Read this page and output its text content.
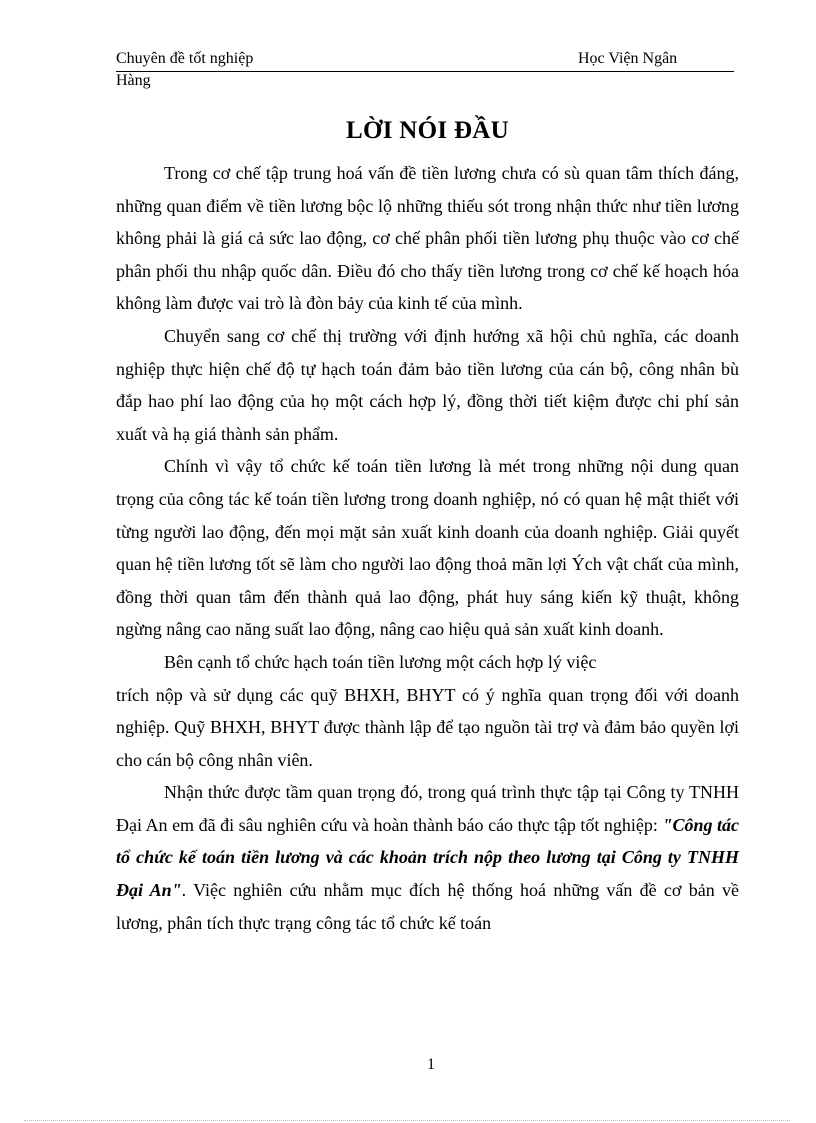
Chuyên đề tốt nghiệp	Học Viện Ngân
Hàng
LỜI NÓI ĐẦU

Trong cơ chế tập trung hoá vấn đề tiền lương chưa có sù quan tâm thích đáng, những quan điểm về tiền lương bộc lộ những thiếu sót trong nhận thức như tiền lương không phải là giá cả sức lao động, cơ chế phân phối tiền lương phụ thuộc vào cơ chế phân phối thu nhập quốc dân. Điều đó cho thấy tiền lương trong cơ chế kế hoạch hóa không làm được vai trò là đòn bảy của kinh tế của mình.

Chuyển sang cơ chế thị trường với định hướng xã hội chủ nghĩa, các doanh nghiệp thực hiện chế độ tự hạch toán đảm bảo tiền lương của cán bộ, công nhân bù đắp hao phí lao động của họ một cách hợp lý, đồng thời tiết kiệm được chi phí sản xuất và hạ giá thành sản phẩm.

Chính vì vậy tổ chức kế toán tiền lương là mét trong những nội dung quan trọng của công tác kế toán tiền lương trong doanh nghiệp, nó có quan hệ mật thiết với từng người lao động, đến mọi mặt sản xuất kinh doanh của doanh nghiệp. Giải quyết quan hệ tiền lương tốt sẽ làm cho người lao động thoả mãn lợi Ých vật chất của mình, đồng thời quan tâm đến thành quả lao động, phát huy sáng kiến kỹ thuật, không ngừng nâng cao năng suất lao động, nâng cao hiệu quả sản xuất kinh doanh.

Bên cạnh tổ chức hạch toán tiền lương một cách hợp lý việc

trích nộp và sử dụng các quỹ BHXH, BHYT có ý nghĩa quan trọng đối với doanh nghiệp. Quỹ BHXH, BHYT được thành lập để tạo nguồn tài trợ và đảm bảo quyền lợi cho cán bộ công nhân viên.

Nhận thức được tầm quan trọng đó, trong quá trình thực tập tại Công ty TNHH Đại An em đã đi sâu nghiên cứu và hoàn thành báo cáo thực tập tốt nghiệp: "Công tác tổ chức kế toán tiền lương và các khoản trích nộp theo lương tại Công ty TNHH Đại An". Việc nghiên cứu nhằm mục đích hệ thống hoá những vấn đề cơ bản về lương, phân tích thực trạng công tác tổ chức kế toán

1
